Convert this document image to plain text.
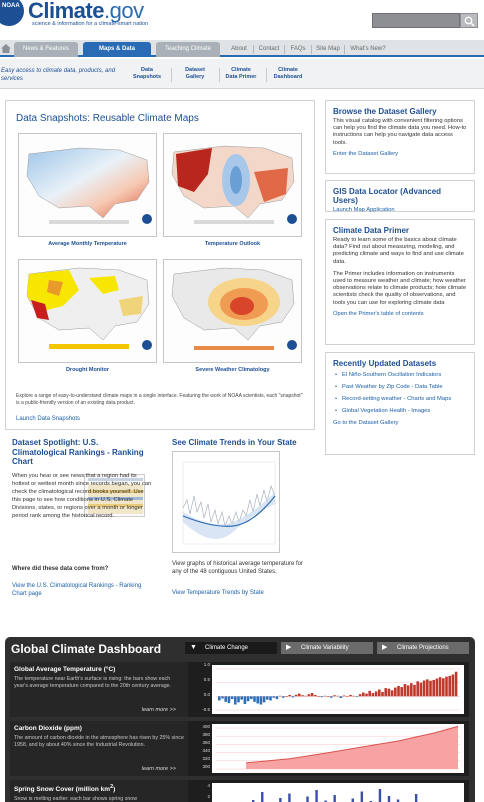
NOAA Climate.gov
science & information for a climate-smart nation
News & Features	Maps & Data	Teaching Climate	About	Contact	FAQs	Site Map	What's New?
Easy access to climate data, products, and services
Data
Snapshots
Dataset
Gallery
Climate
Data Primer
Climate
Dashboard
Data Snapshots: Reusable Climate Maps
Average Monthly Temperature	Temperature Outlook
Drought Monitor	Severe Weather Climatology
Explore a range of easy-to-understand climate maps in a single interface. Featuring the work of NOAA scientists, each "snapshot" is a public-friendly version of an existing data product.
Launch Data Snapshots
Dataset Spotlight: U.S. Climatological Rankings - Ranking Chart
When you hear or see news that a region had its hottest or wettest month since records began, you can check the climatological record books yourself. Use this page to see how conditions in U.S. Climate Divisions, states, or regions over a month or longer period rank among the historical record.
Where did these data come from?
View the U.S. Climatological Rankings - Ranking Chart page
See Climate Trends in Your State
View graphs of historical average temperature for any of the 48 contiguous United States.
View Temperature Trends by State
Browse the Dataset Gallery

This visual catalog with convenient filtering options can help you find the climate data you need. How-to instructions can help you navigate data access tools.

Enter the Dataset Gallery
GIS Data Locator (Advanced Users)
Launch Map Application
Climate Data Primer

Ready to learn some of the basics about climate data? Find out about measuring, modeling, and predicting climate and ways to find and use climate data.

The Primer includes information on instruments used to measure weather and climate; how weather observations relate to climate products; how climate scientists check the quality of observations, and tools you can use for exploring climate data

Open the Primer's table of contents
Recently Updated Datasets
• El Niño-Southern Oscillation Indicators
• Past Weather by Zip Code - Data Table
• Record-setting weather - Charts and Maps
• Global Vegetation Health - Images
Go to the Dataset Gallery
Global Climate Dashboard	▼ Climate Change	▶ Climate Variability	▶ Climate Projections
Global Average Temperature (°C)

The temperature near Earth's surface is rising: the bars show each year's average temperature compared to the 20th century average.

learn more >>
1.0
0.5
0.0
-0.5
Carbon Dioxide (ppm)

The amount of carbon dioxide in the atmosphere has risen by 25% since 1958, and by about 40% since the Industrial Revolution.

learn more >>
400
380
360
340
320
300
Spring Snow Cover (million $km^2$)

Snow is melting earlier: each bar shows spring snow

4
2
